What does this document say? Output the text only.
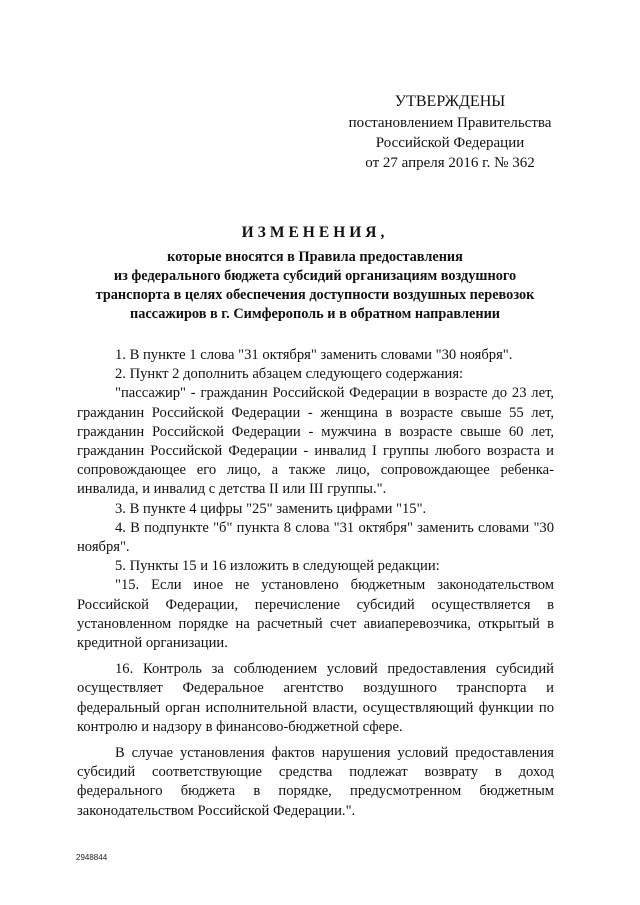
УТВЕРЖДЕНЫ
постановлением Правительства
Российской Федерации
от 27 апреля 2016 г. № 362
ИЗМЕНЕНИЯ,
которые вносятся в Правила предоставления
из федерального бюджета субсидий организациям воздушного
транспорта в целях обеспечения доступности воздушных перевозок
пассажиров в г. Симферополь и в обратном направлении

1. В пункте 1 слова "31 октября" заменить словами "30 ноября".

2. Пункт 2 дополнить абзацем следующего содержания:

"пассажир" - гражданин Российской Федерации в возрасте до 23 лет, гражданин Российской Федерации - женщина в возрасте свыше 55 лет, гражданин Российской Федерации - мужчина в возрасте свыше 60 лет, гражданин Российской Федерации - инвалид I группы любого возраста и сопровождающее его лицо, а также лицо, сопровождающее ребенка-инвалида, и инвалид с детства II или III группы.".

3. В пункте 4 цифры "25" заменить цифрами "15".

4. В подпункте "б" пункта 8 слова "31 октября" заменить словами "30 ноября".

5. Пункты 15 и 16 изложить в следующей редакции:

"15. Если иное не установлено бюджетным законодательством Российской Федерации, перечисление субсидий осуществляется в установленном порядке на расчетный счет авиаперевозчика, открытый в кредитной организации.

16. Контроль за соблюдением условий предоставления субсидий осуществляет Федеральное агентство воздушного транспорта и федеральный орган исполнительной власти, осуществляющий функции по контролю и надзору в финансово-бюджетной сфере.

В случае установления фактов нарушения условий предоставления субсидий соответствующие средства подлежат возврату в доход федерального бюджета в порядке, предусмотренном бюджетным законодательством Российской Федерации.".

2948844
